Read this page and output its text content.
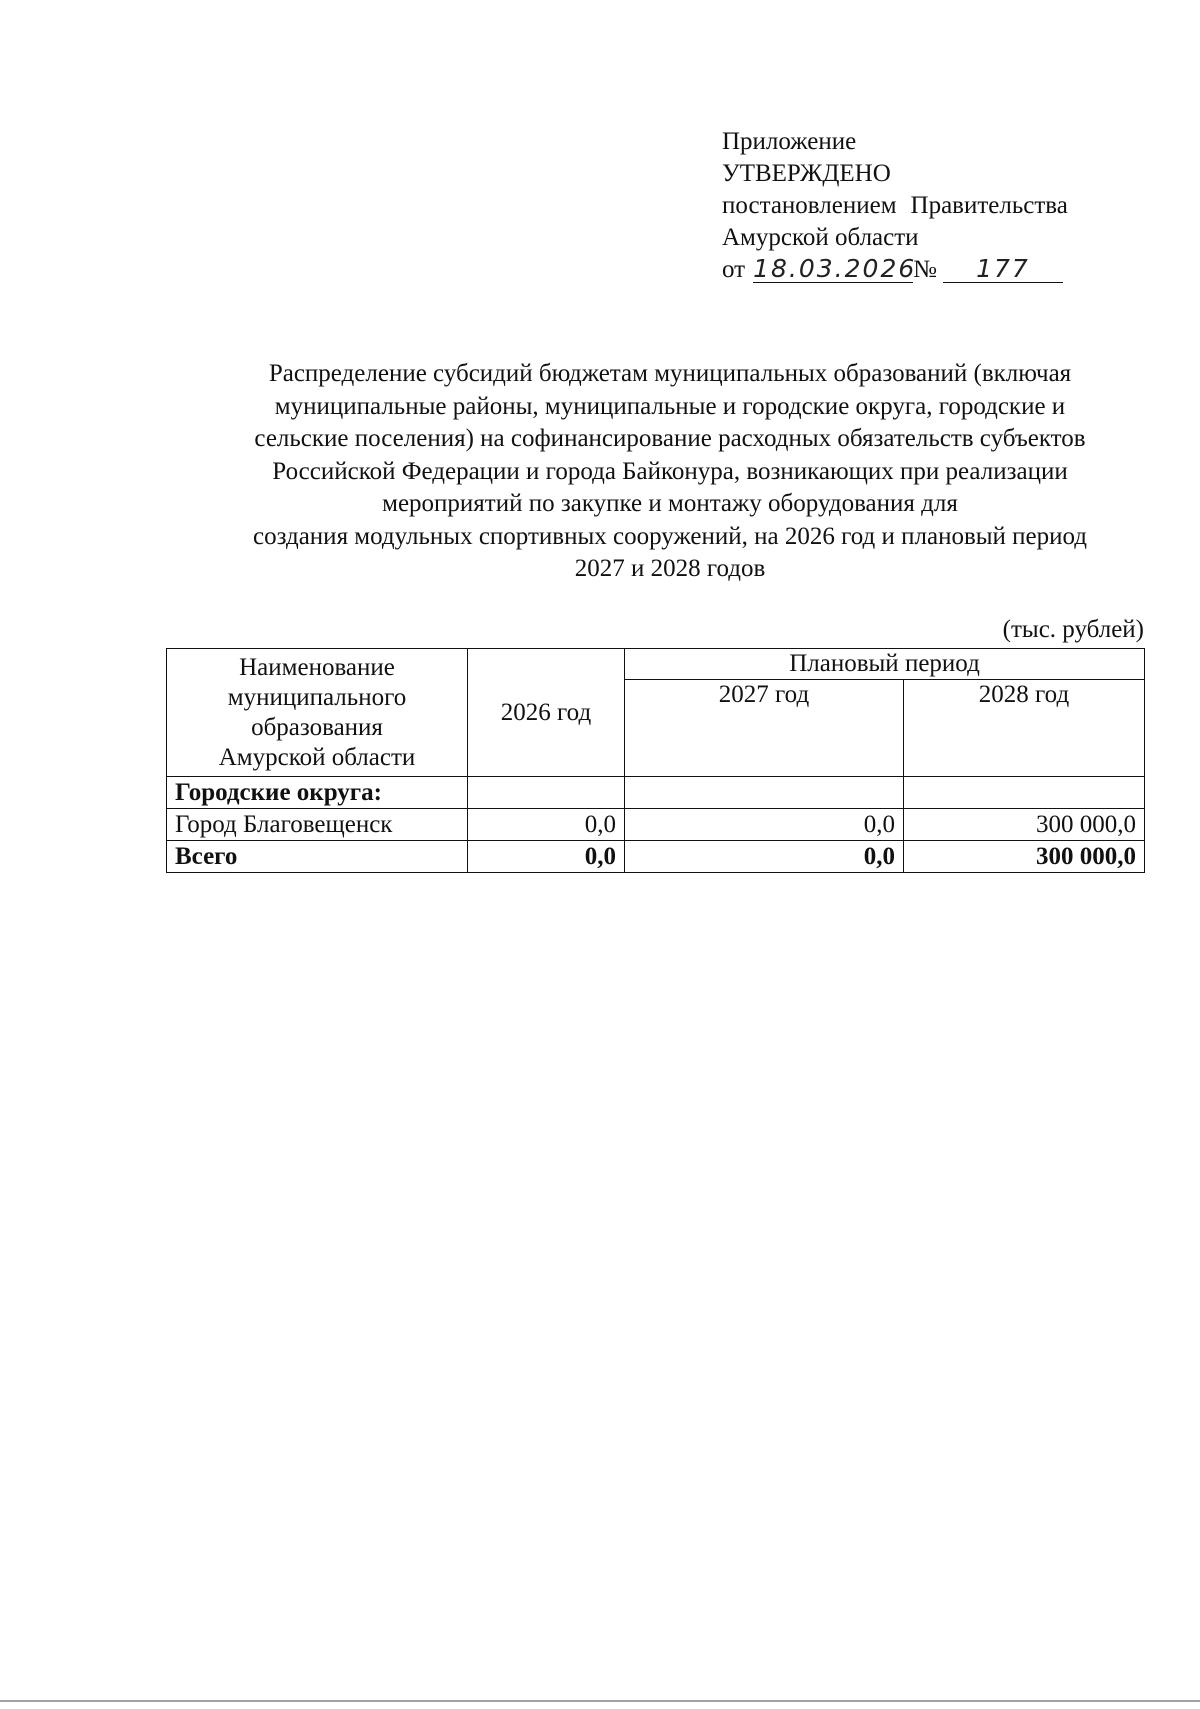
Приложение
УТВЕРЖДЕНО
постановлением Правительства
Амурской области
от 18.03.2026№ 177
Распределение субсидий бюджетам муниципальных образований (включая
муниципальные районы, муниципальные и городские округа, городские и
сельские поселения) на софинансирование расходных обязательств субъектов
Российской Федерации и города Байконура, возникающих при реализации
мероприятий по закупке и монтажу оборудования для
создания модульных спортивных сооружений, на 2026 год и плановый период
2027 и 2028 годов
(тыс. рублей)
Наименование
муниципального
образования
Амурской области	2026 год	Плановый период	
		2027 год	2028 год
Городские округа:			
Город Благовещенск	0,0	0,0	300 000,0
Всего	0,0	0,0	300 000,0
